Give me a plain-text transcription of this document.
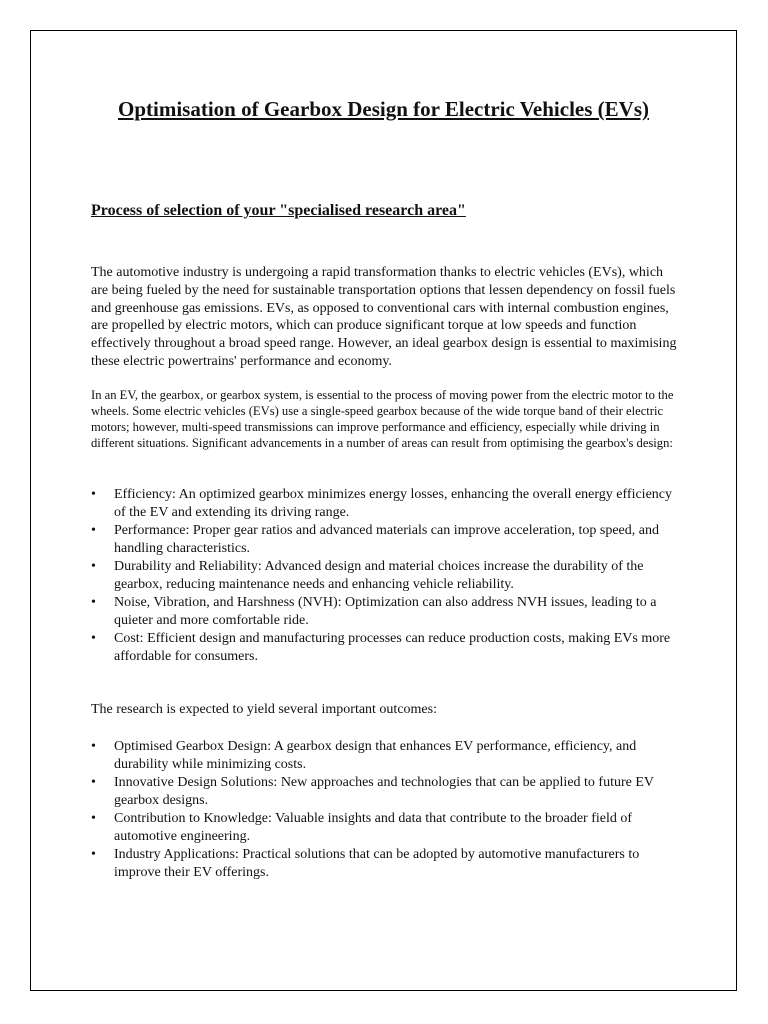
Optimisation of Gearbox Design for Electric Vehicles (EVs)
Process of selection of your "specialised research area"

The automotive industry is undergoing a rapid transformation thanks to electric vehicles (EVs), which are being fueled by the need for sustainable transportation options that lessen dependency on fossil fuels and greenhouse gas emissions. EVs, as opposed to conventional cars with internal combustion engines, are propelled by electric motors, which can produce significant torque at low speeds and function effectively throughout a broad speed range. However, an ideal gearbox design is essential to maximising these electric powertrains' performance and economy.

In an EV, the gearbox, or gearbox system, is essential to the process of moving power from the electric motor to the wheels. Some electric vehicles (EVs) use a single-speed gearbox because of the wide torque band of their electric motors; however, multi-speed transmissions can improve performance and efficiency, especially while driving in different situations. Significant advancements in a number of areas can result from optimising the gearbox's design:

• Efficiency: An optimized gearbox minimizes energy losses, enhancing the overall energy efficiency of the EV and extending its driving range.
• Performance: Proper gear ratios and advanced materials can improve acceleration, top speed, and handling characteristics.
• Durability and Reliability: Advanced design and material choices increase the durability of the gearbox, reducing maintenance needs and enhancing vehicle reliability.
• Noise, Vibration, and Harshness (NVH): Optimization can also address NVH issues, leading to a quieter and more comfortable ride.
• Cost: Efficient design and manufacturing processes can reduce production costs, making EVs more affordable for consumers.

The research is expected to yield several important outcomes:

• Optimised Gearbox Design: A gearbox design that enhances EV performance, efficiency, and durability while minimizing costs.
• Innovative Design Solutions: New approaches and technologies that can be applied to future EV gearbox designs.
• Contribution to Knowledge: Valuable insights and data that contribute to the broader field of automotive engineering.
• Industry Applications: Practical solutions that can be adopted by automotive manufacturers to improve their EV offerings.
